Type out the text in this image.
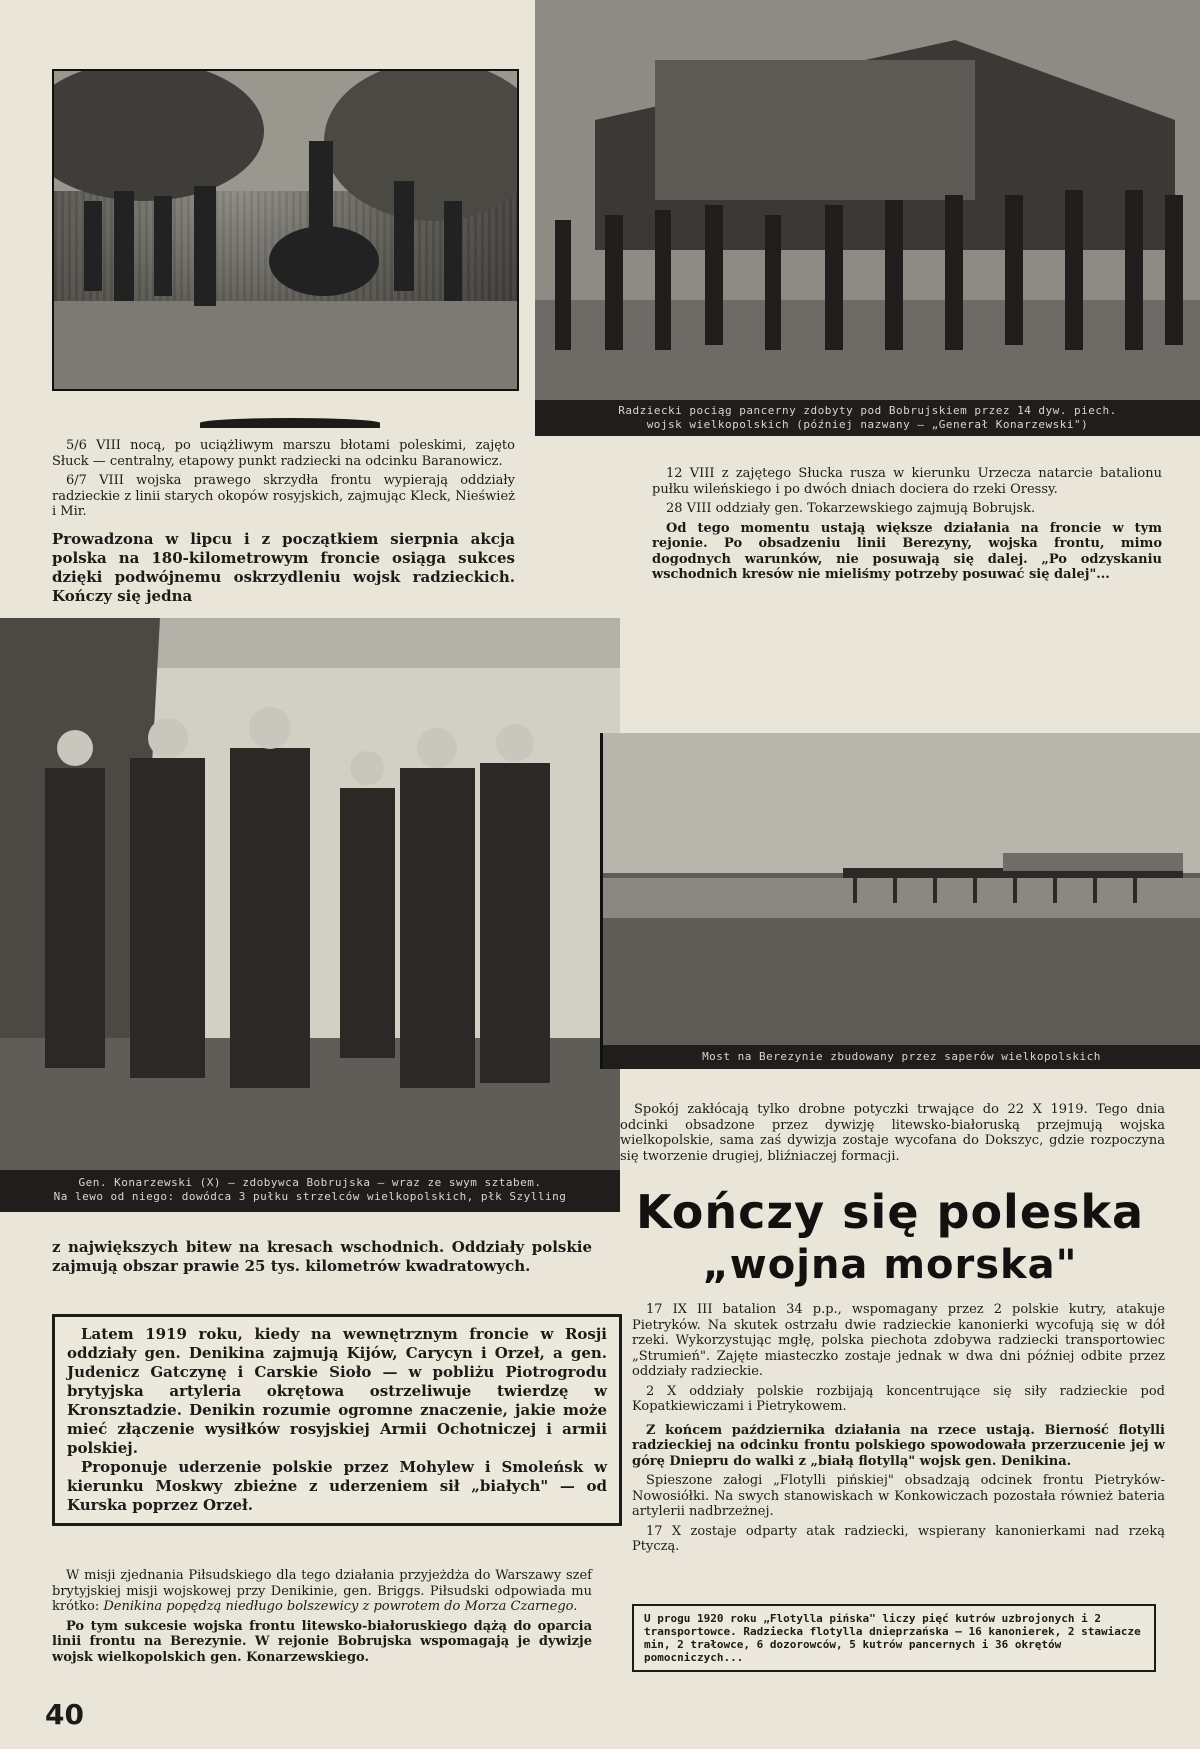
Radziecki pociąg pancerny zdobyty pod Bobrujskiem przez 14 dyw. piech.
wojsk wielkopolskich (później nazwany — „Generał Konarzewski")

5/6 VIII nocą, po uciążliwym marszu błotami poleskimi, zajęto Słuck — centralny, etapowy punkt radziecki na odcinku Baranowicz.

6/7 VIII wojska prawego skrzydła frontu wypierają oddziały radzieckie z linii starych okopów rosyjskich, zajmując Kleck, Nieśwież i Mir.

Prowadzona w lipcu i z początkiem sierpnia akcja polska na 180-kilometrowym froncie osiąga sukces dzięki podwójnemu oskrzydleniu wojsk radzieckich. Kończy się jedna

12 VIII z zajętego Słucka rusza w kierunku Urzecza natarcie batalionu pułku wileńskiego i po dwóch dniach dociera do rzeki Oressy.

28 VIII oddziały gen. Tokarzewskiego zajmują Bobrujsk.

Od tego momentu ustają większe działania na froncie w tym rejonie. Po obsadzeniu linii Berezyny, wojska frontu, mimo dogodnych warunków, nie posuwają się dalej. „Po odzyskaniu wschodnich kresów nie mieliśmy potrzeby posuwać się dalej"...

Gen. Konarzewski (X) — zdobywca Bobrujska — wraz ze swym sztabem.
Na lewo od niego: dowódca 3 pułku strzelców wielkopolskich, płk Szylling
Most na Berezynie zbudowany przez saperów wielkopolskich
z największych bitew na kresach wschodnich. Oddziały polskie zajmują obszar prawie 25 tys. kilometrów kwadratowych.

Latem 1919 roku, kiedy na wewnętrznym froncie w Rosji oddziały gen. Denikina zajmują Kijów, Carycyn i Orzeł, a gen. Judenicz Gatczynę i Carskie Sioło — w pobliżu Piotrogrodu brytyjska artyleria okrętowa ostrzeliwuje twierdzę w Kronsztadzie. Denikin rozumie ogromne znaczenie, jakie może mieć złączenie wysiłków rosyjskiej Armii Ochotniczej i armii polskiej.

Proponuje uderzenie polskie przez Mohylew i Smoleńsk w kierunku Moskwy zbieżne z uderzeniem sił „białych" — od Kurska poprzez Orzeł.

W misji zjednania Piłsudskiego dla tego działania przyjeżdża do Warszawy szef brytyjskiej misji wojskowej przy Denikinie, gen. Briggs. Piłsudski odpowiada mu krótko: Denikina popędzą niedługo bolszewicy z powrotem do Morza Czarnego.

Po tym sukcesie wojska frontu litewsko-białoruskiego dążą do oparcia linii frontu na Berezynie. W rejonie Bobrujska wspomagają je dywizje wojsk wielkopolskich gen. Konarzewskiego.

40

Spokój zakłócają tylko drobne potyczki trwające do 22 X 1919. Tego dnia odcinki obsadzone przez dywizję litewsko-białoruską przejmują wojska wielkopolskie, sama zaś dywizja zostaje wycofana do Dokszyc, gdzie rozpoczyna się tworzenie drugiej, bliźniaczej formacji.

Kończy się poleska
„wojna morska"

17 IX III batalion 34 p.p., wspomagany przez 2 polskie kutry, atakuje Pietryków. Na skutek ostrzału dwie radzieckie kanonierki wycofują się w dół rzeki. Wykorzystując mgłę, polska piechota zdobywa radziecki transportowiec „Strumień". Zajęte miasteczko zostaje jednak w dwa dni później odbite przez oddziały radzieckie.

2 X oddziały polskie rozbijają koncentrujące się siły radzieckie pod Kopatkiewiczami i Pietrykowem.

Z końcem października działania na rzece ustają. Bierność flotylli radzieckiej na odcinku frontu polskiego spowodowała przerzucenie jej w górę Dniepru do walki z „białą flotyllą" wojsk gen. Denikina.

Spieszone załogi „Flotylli pińskiej" obsadzają odcinek frontu Pietryków-Nowosiółki. Na swych stanowiskach w Konkowiczach pozostała również bateria artylerii nadbrzeżnej.

17 X zostaje odparty atak radziecki, wspierany kanonierkami nad rzeką Ptyczą.

U progu 1920 roku „Flotylla pińska" liczy pięć kutrów uzbrojonych i 2 transportowce. Radziecka flotylla dnieprzańska — 16 kanonierek, 2 stawiacze min, 2 trałowce, 6 dozorowców, 5 kutrów pancernych i 36 okrętów pomocniczych...
